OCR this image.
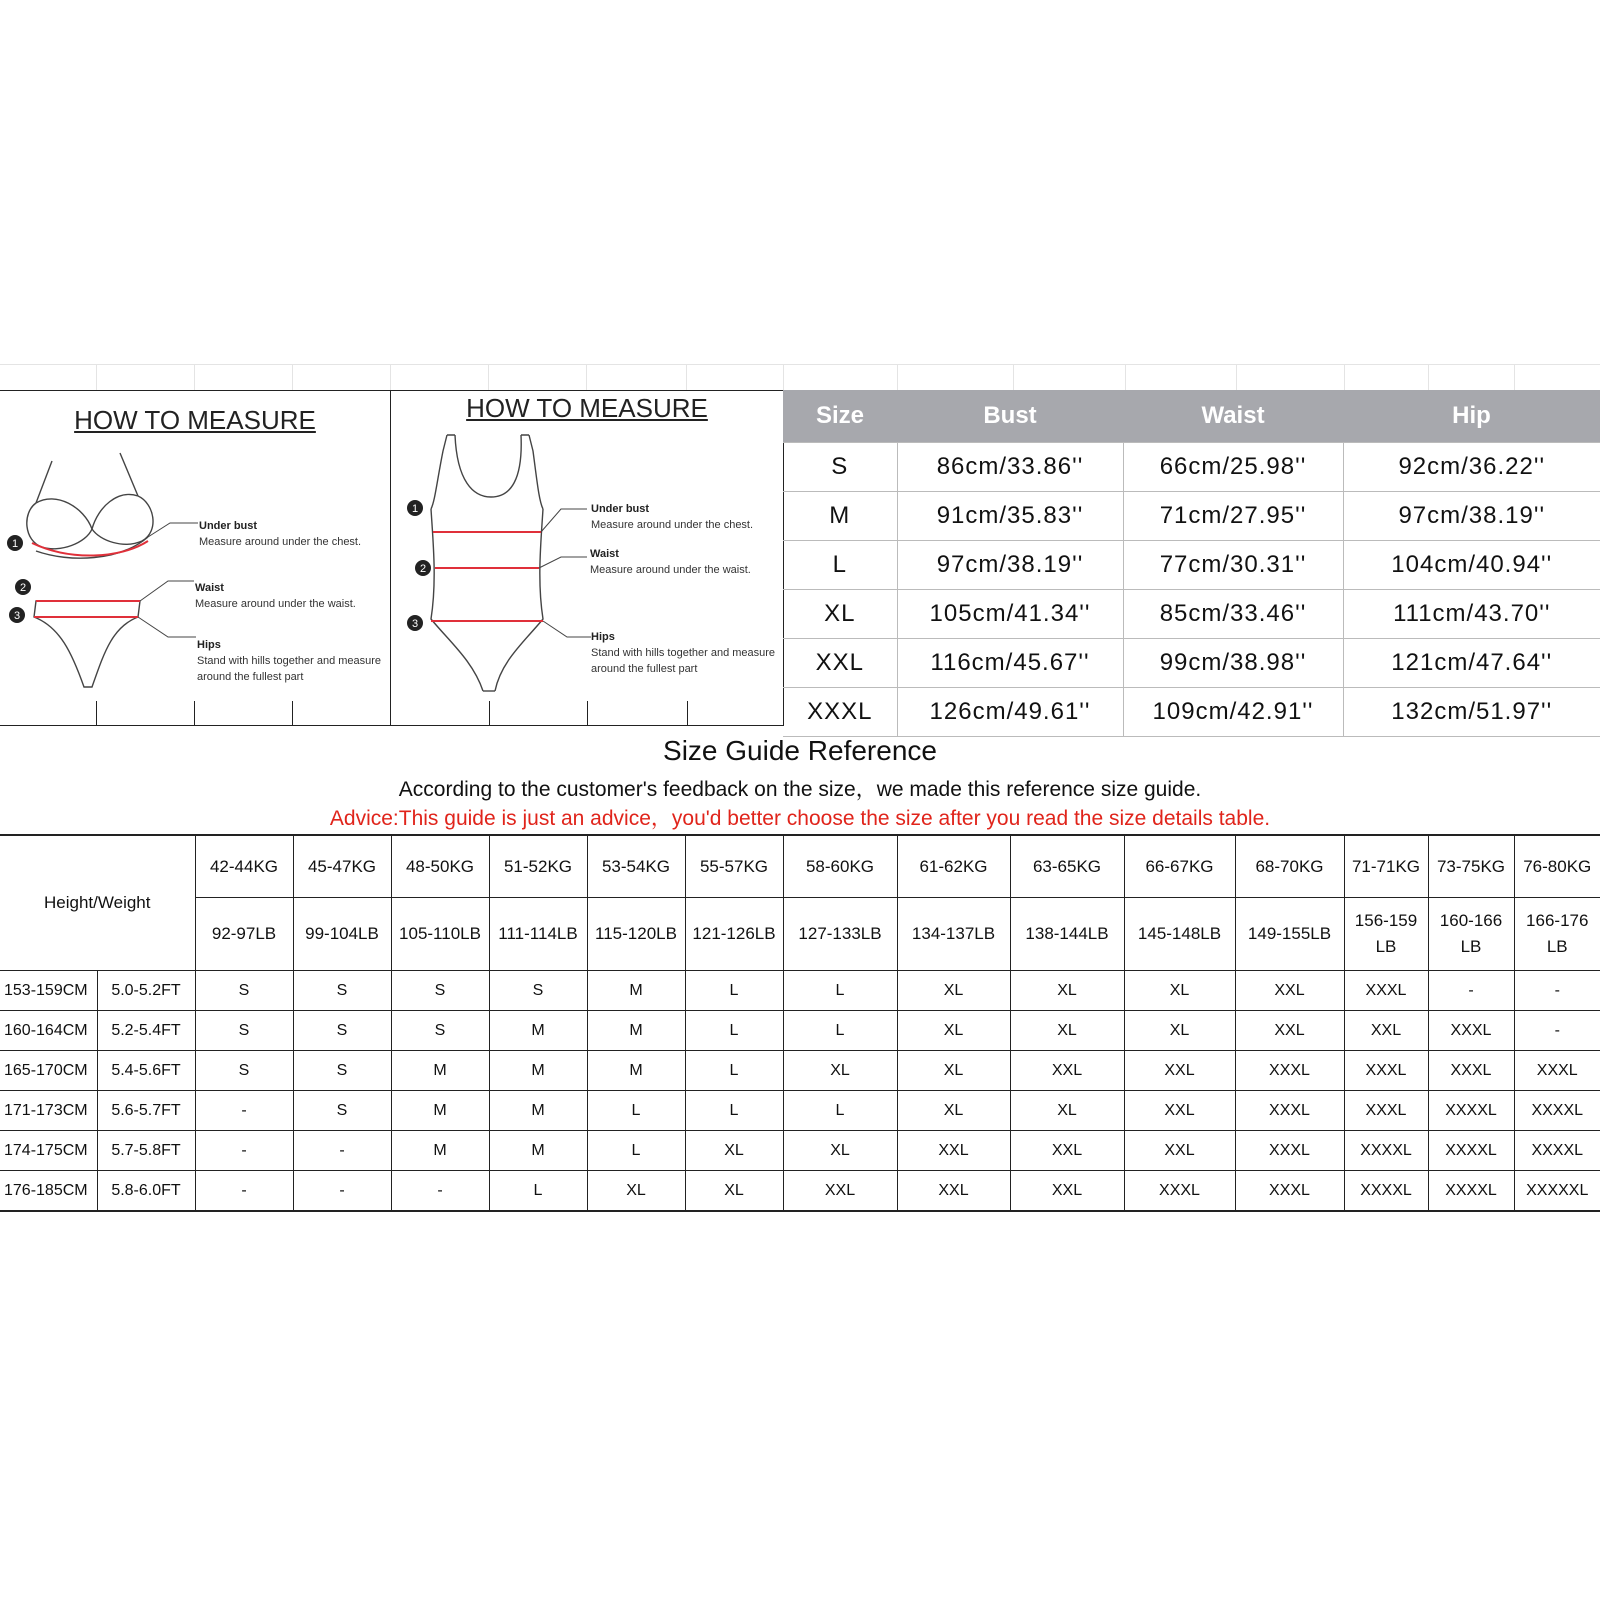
HOW TO MEASURE
1
2
3
Under bust
Measure around under the chest.
Waist
Measure around under the waist.
Hips
Stand with hills together and measure around the fullest part
HOW TO MEASURE
1
2
3
Under bust
Measure around under the chest.
Waist
Measure around under the waist.
Hips
Stand with hills together and measure around the fullest part
Size	Bust	Waist	Hip
S	86cm/33.86''	66cm/25.98''	92cm/36.22''
M	91cm/35.83''	71cm/27.95''	97cm/38.19''
L	97cm/38.19''	77cm/30.31''	104cm/40.94''
XL	105cm/41.34''	85cm/33.46''	111cm/43.70''
XXL	116cm/45.67''	99cm/38.98''	121cm/47.64''
XXXL	126cm/49.61''	109cm/42.91''	132cm/51.97''
Size Guide Reference
According to the customer's feedback on the size，we made this reference size guide.
Advice:This guide is just an advice，you'd better choose the size after you read the size details table.
Height/Weight		42-44KG	45-47KG	48-50KG	51-52KG	53-54KG	55-57KG	58-60KG	61-62KG	63-65KG	66-67KG	68-70KG	71-71KG	73-75KG	76-80KG
		92-97LB	99-104LB	105-110LB	111-114LB	115-120LB	121-126LB	127-133LB	134-137LB	138-144LB	145-148LB	149-155LB	156-159LB	160-166LB	166-176LB
153-159CM	5.0-5.2FT	S	S	S	S	M	L	L	XL	XL	XL	XXL	XXXL	-	-
160-164CM	5.2-5.4FT	S	S	S	M	M	L	L	XL	XL	XL	XXL	XXL	XXXL	-
165-170CM	5.4-5.6FT	S	S	M	M	M	L	XL	XL	XXL	XXL	XXXL	XXXL	XXXL	XXXL
171-173CM	5.6-5.7FT	-	S	M	M	L	L	L	XL	XL	XXL	XXXL	XXXL	XXXXL	XXXXL
174-175CM	5.7-5.8FT	-	-	M	M	L	XL	XL	XXL	XXL	XXL	XXXL	XXXXL	XXXXL	XXXXL
176-185CM	5.8-6.0FT	-	-	-	L	XL	XL	XXL	XXL	XXL	XXXL	XXXL	XXXXL	XXXXL	XXXXXL
